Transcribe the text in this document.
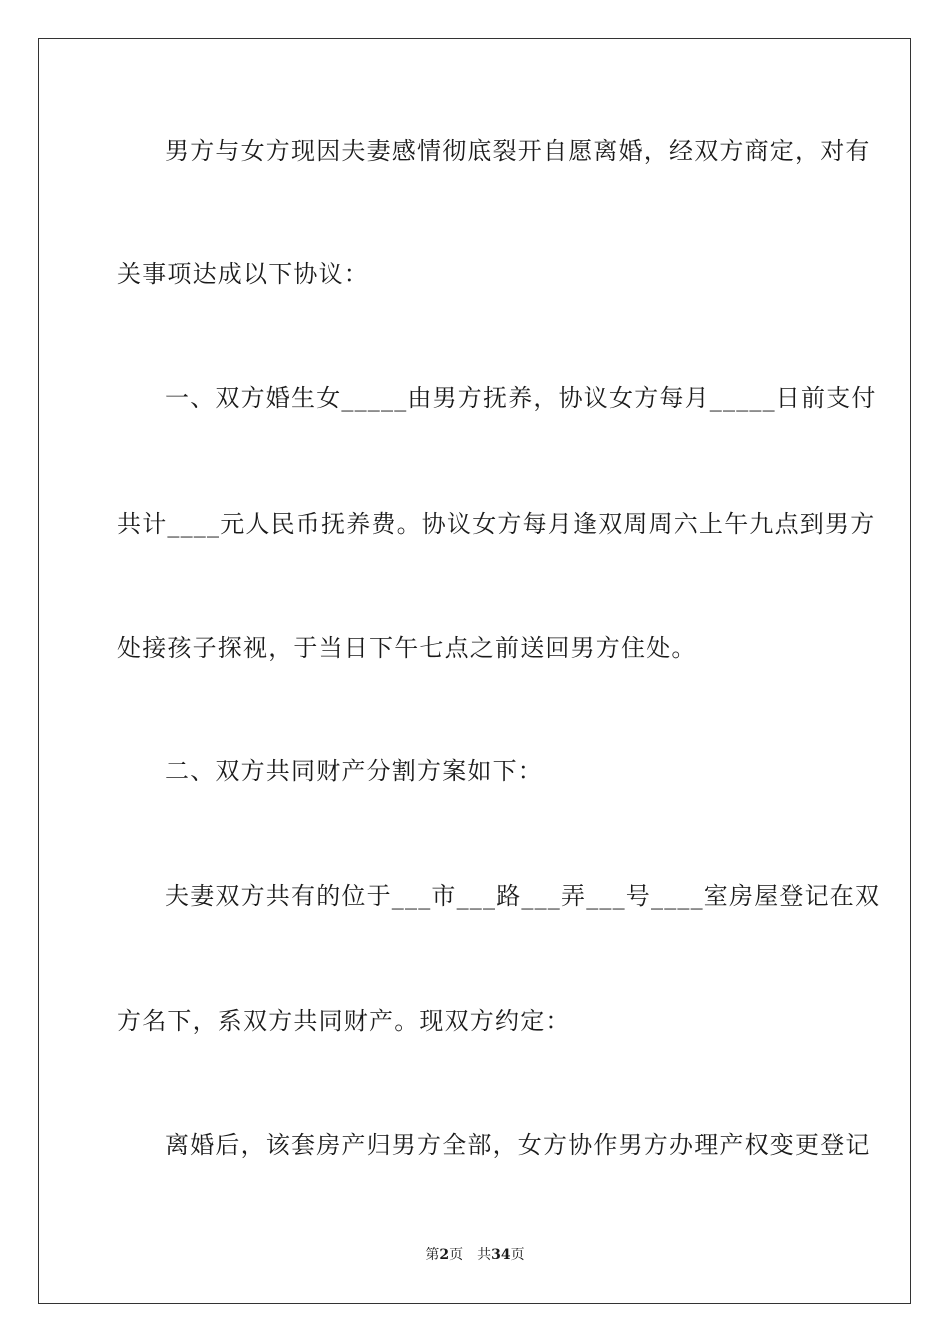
男方与女方现因夫妻感情彻底裂开自愿离婚，经双方商定，对有
关事项达成以下协议：
一、双方婚生女_____由男方抚养，协议女方每月_____日前支付
共计____元人民币抚养费。协议女方每月逢双周周六上午九点到男方
处接孩子探视，于当日下午七点之前送回男方住处。
二、双方共同财产分割方案如下：
夫妻双方共有的位于___市___路___弄___号____室房屋登记在双
方名下，系双方共同财产。现双方约定：
离婚后，该套房产归男方全部，女方协作男方办理产权变更登记
第2页 共34页
